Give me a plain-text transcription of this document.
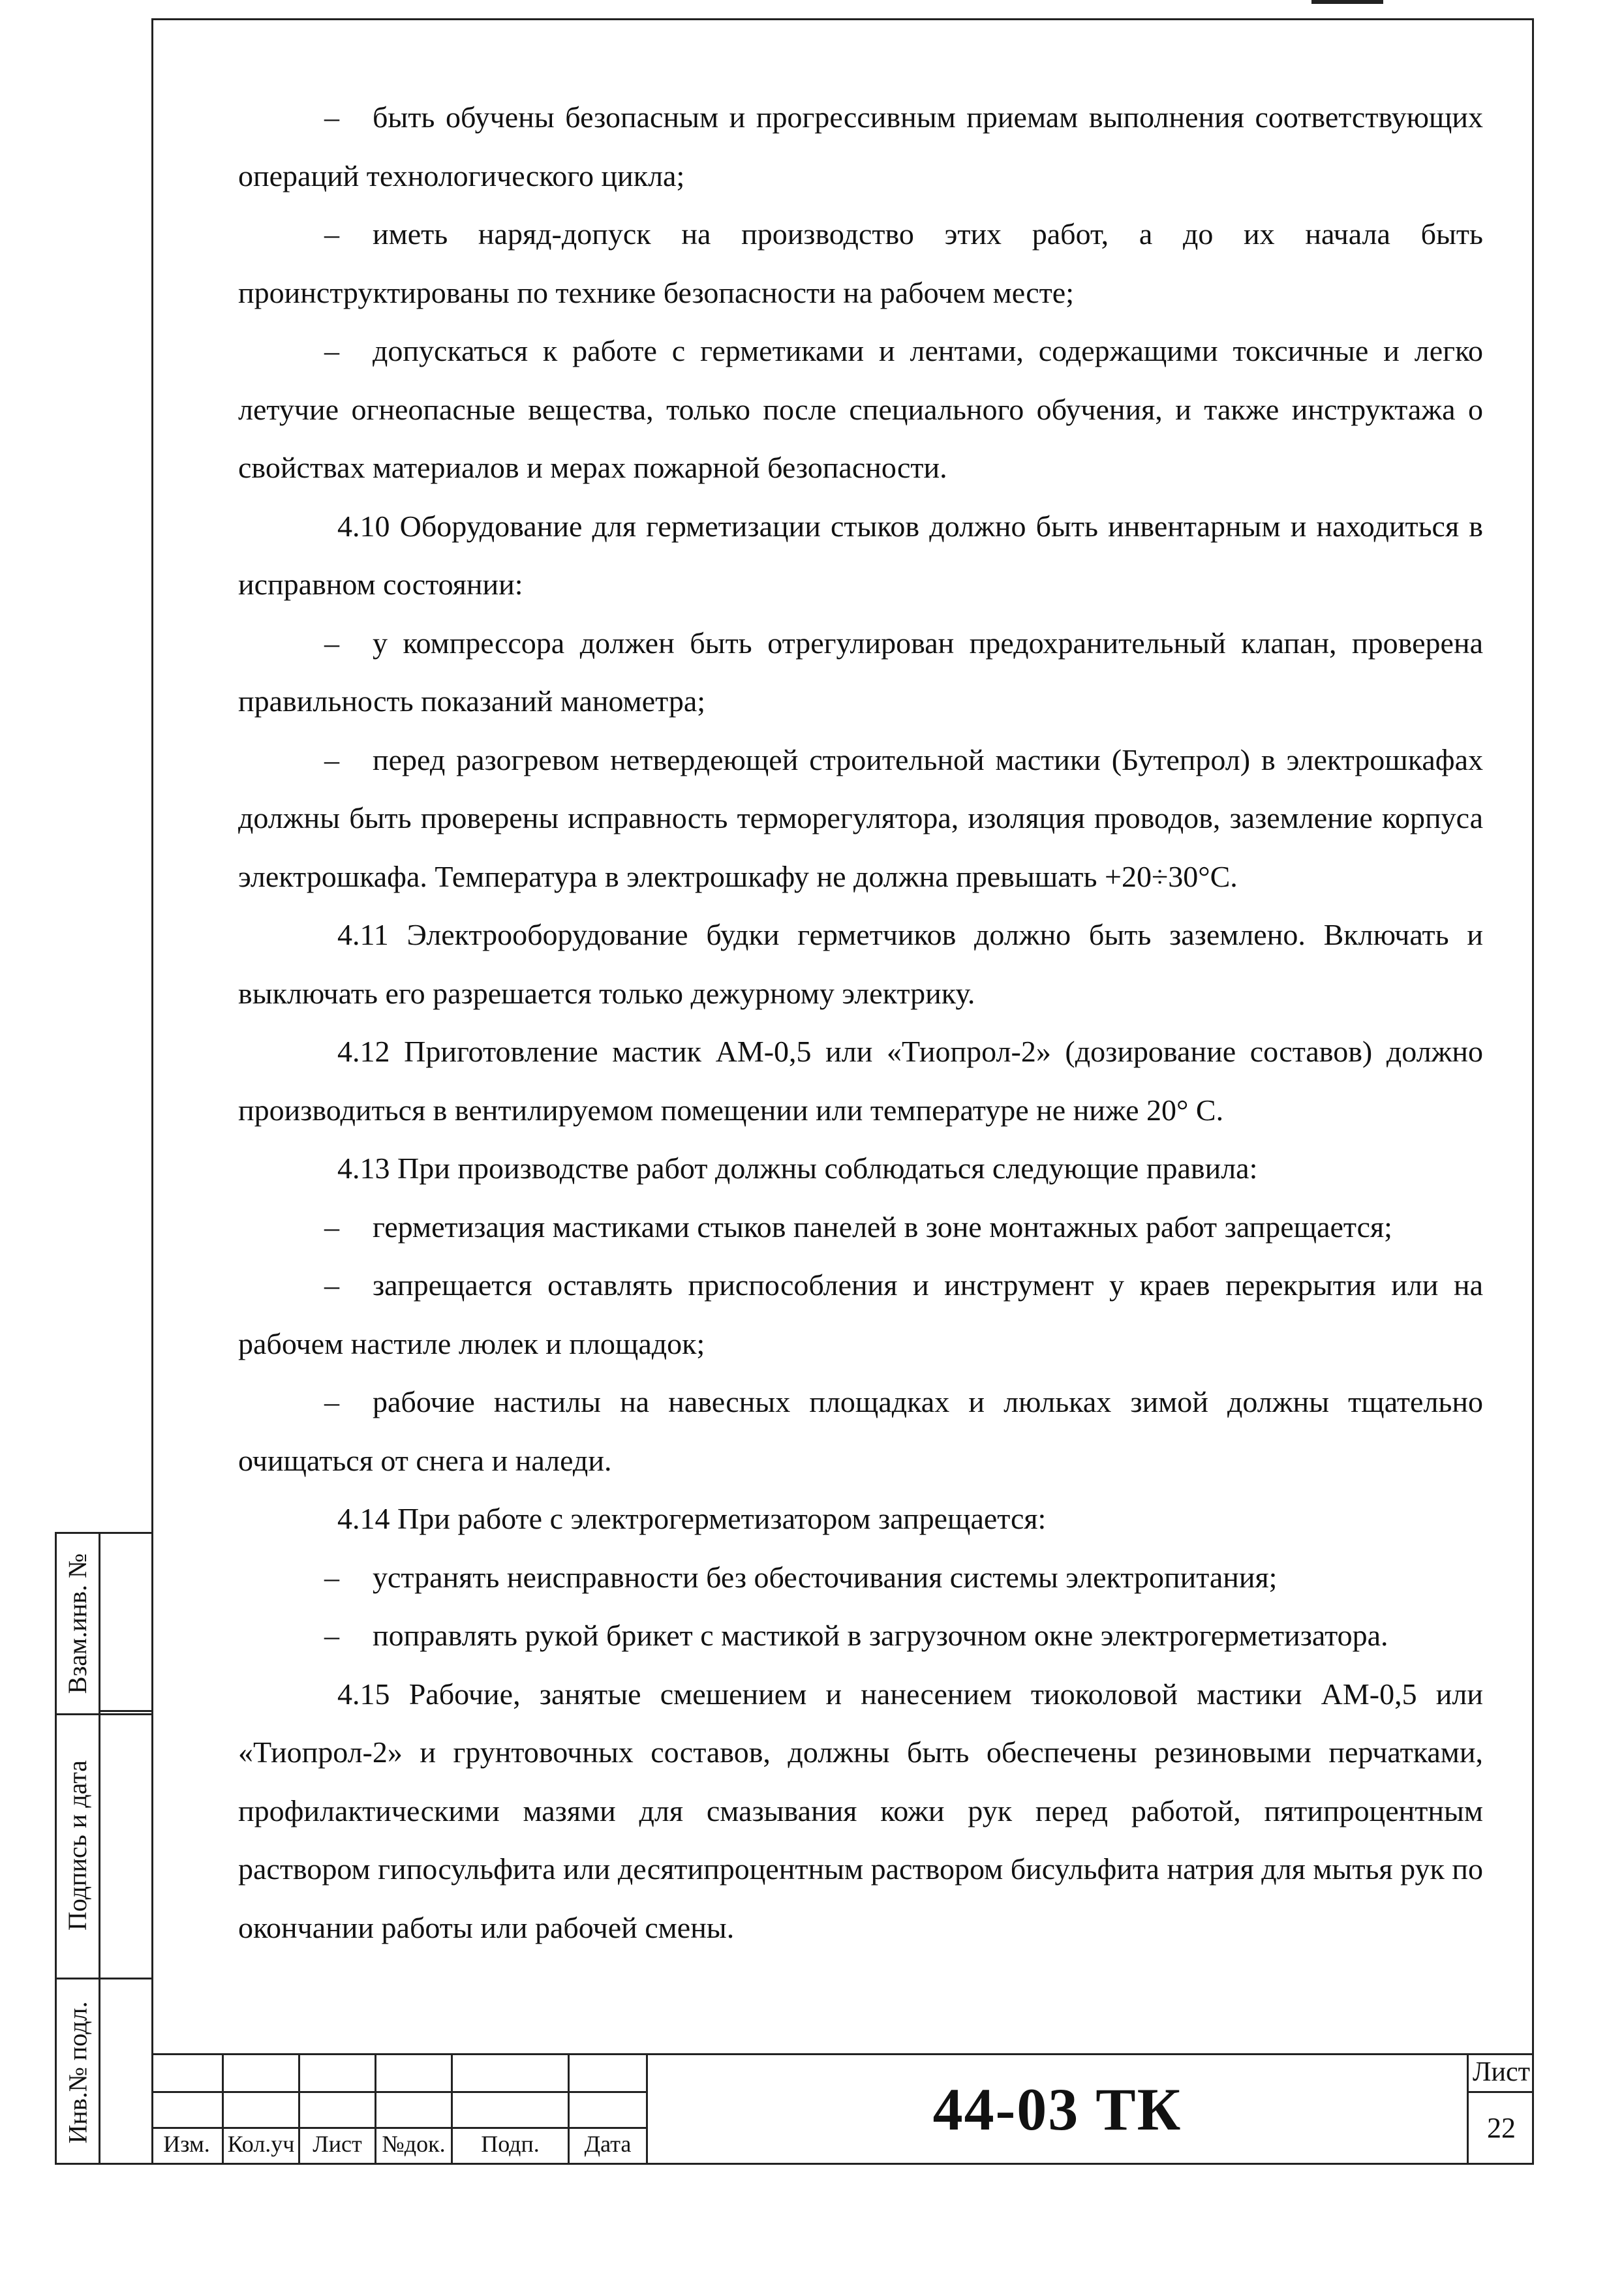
– быть обучены безопасным и прогрессивным приемам выполнения соответствующих операций технологического цикла;

– иметь наряд-допуск на производство этих работ, а до их начала быть проинструктированы по технике безопасности на рабочем месте;

– допускаться к работе с герметиками и лентами, содержащими токсичные и легко летучие огнеопасные вещества, только после специального обучения, и также инструктажа о свойствах материалов и мерах пожарной безопасности.

4.10 Оборудование для герметизации стыков должно быть инвентарным и находиться в исправном состоянии:

– у компрессора должен быть отрегулирован предохранительный клапан, проверена правильность показаний манометра;

– перед разогревом нетвердеющей строительной мастики (Бутепрол) в электрошкафах должны быть проверены исправность терморегулятора, изоляция проводов, заземление корпуса электрошкафа. Температура в электрошкафу не должна превышать +20÷30°С.

4.11 Электрооборудование будки герметчиков должно быть заземлено. Включать и выключать его разрешается только дежурному электрику.

4.12 Приготовление мастик АМ-0,5 или «Тиопрол-2» (дозирование составов) должно производиться в вентилируемом помещении или температуре не ниже 20° С.

4.13 При производстве работ должны соблюдаться следующие правила:

– герметизация мастиками стыков панелей в зоне монтажных работ запрещается;

– запрещается оставлять приспособления и инструмент у краев перекрытия или на рабочем настиле люлек и площадок;

– рабочие настилы на навесных площадках и люльках зимой должны тщательно очищаться от снега и наледи.

4.14 При работе с электрогерметизатором запрещается:

– устранять неисправности без обесточивания системы электропитания;

– поправлять рукой брикет с мастикой в загрузочном окне электрогерметизатора.

4.15 Рабочие, занятые смешением и нанесением тиоколовой мастики АМ-0,5 или «Тиопрол-2» и грунтовочных составов, должны быть обеспечены резиновыми перчатками, профилактическими мазями для смазывания кожи рук перед работой, пятипроцентным раствором гипосульфита или десятипроцентным раствором бисульфита натрия для мытья рук по окончании работы или рабочей смены.

Взам.инв. №
Подпись и дата
Инв.№ подл.
Изм. Кол.уч Лист №док.	Подп.	Дата
44-03 ТК
Лист
22
